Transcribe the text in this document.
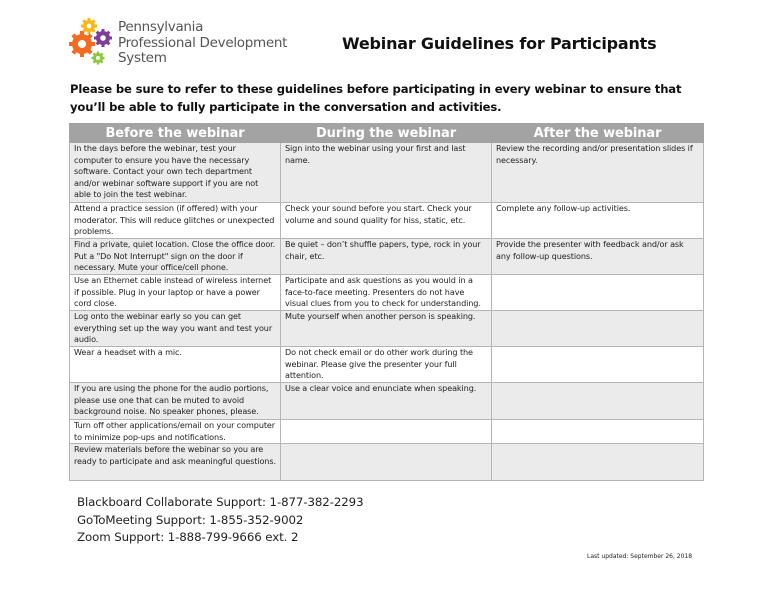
Pennsylvania
Professional Development
System
Webinar Guidelines for Participants
Please be sure to refer to these guidelines before participating in every webinar to ensure that you’ll be able to fully participate in the conversation and activities.
Before the webinar	During the webinar	After the webinar
In the days before the webinar, test your computer to ensure you have the necessary software. Contact your own tech department and/or webinar software support if you are not able to join the test webinar.	Sign into the webinar using your first and last name.	Review the recording and/or presentation slides if necessary.
Attend a practice session (if offered) with your moderator. This will reduce glitches or unexpected problems.	Check your sound before you start. Check your volume and sound quality for hiss, static, etc.	Complete any follow-up activities.
Find a private, quiet location. Close the office door. Put a "Do Not Interrupt" sign on the door if necessary. Mute your office/cell phone.	Be quiet – don’t shuffle papers, type, rock in your chair, etc.	Provide the presenter with feedback and/or ask any follow-up questions.
Use an Ethernet cable instead of wireless internet if possible. Plug in your laptop or have a power cord close.	Participate and ask questions as you would in a face-to-face meeting. Presenters do not have visual clues from you to check for understanding.	
Log onto the webinar early so you can get everything set up the way you want and test your audio.	Mute yourself when another person is speaking.	
Wear a headset with a mic.	Do not check email or do other work during the webinar. Please give the presenter your full attention.	
If you are using the phone for the audio portions, please use one that can be muted to avoid background noise. No speaker phones, please.	Use a clear voice and enunciate when speaking.	
Turn off other applications/email on your computer to minimize pop-ups and notifications.		
Review materials before the webinar so you are ready to participate and ask meaningful questions.		
Blackboard Collaborate Support: 1-877-382-2293
GoToMeeting Support: 1-855-352-9002
Zoom Support: 1-888-799-9666 ext. 2
Last updated: September 26, 2018
